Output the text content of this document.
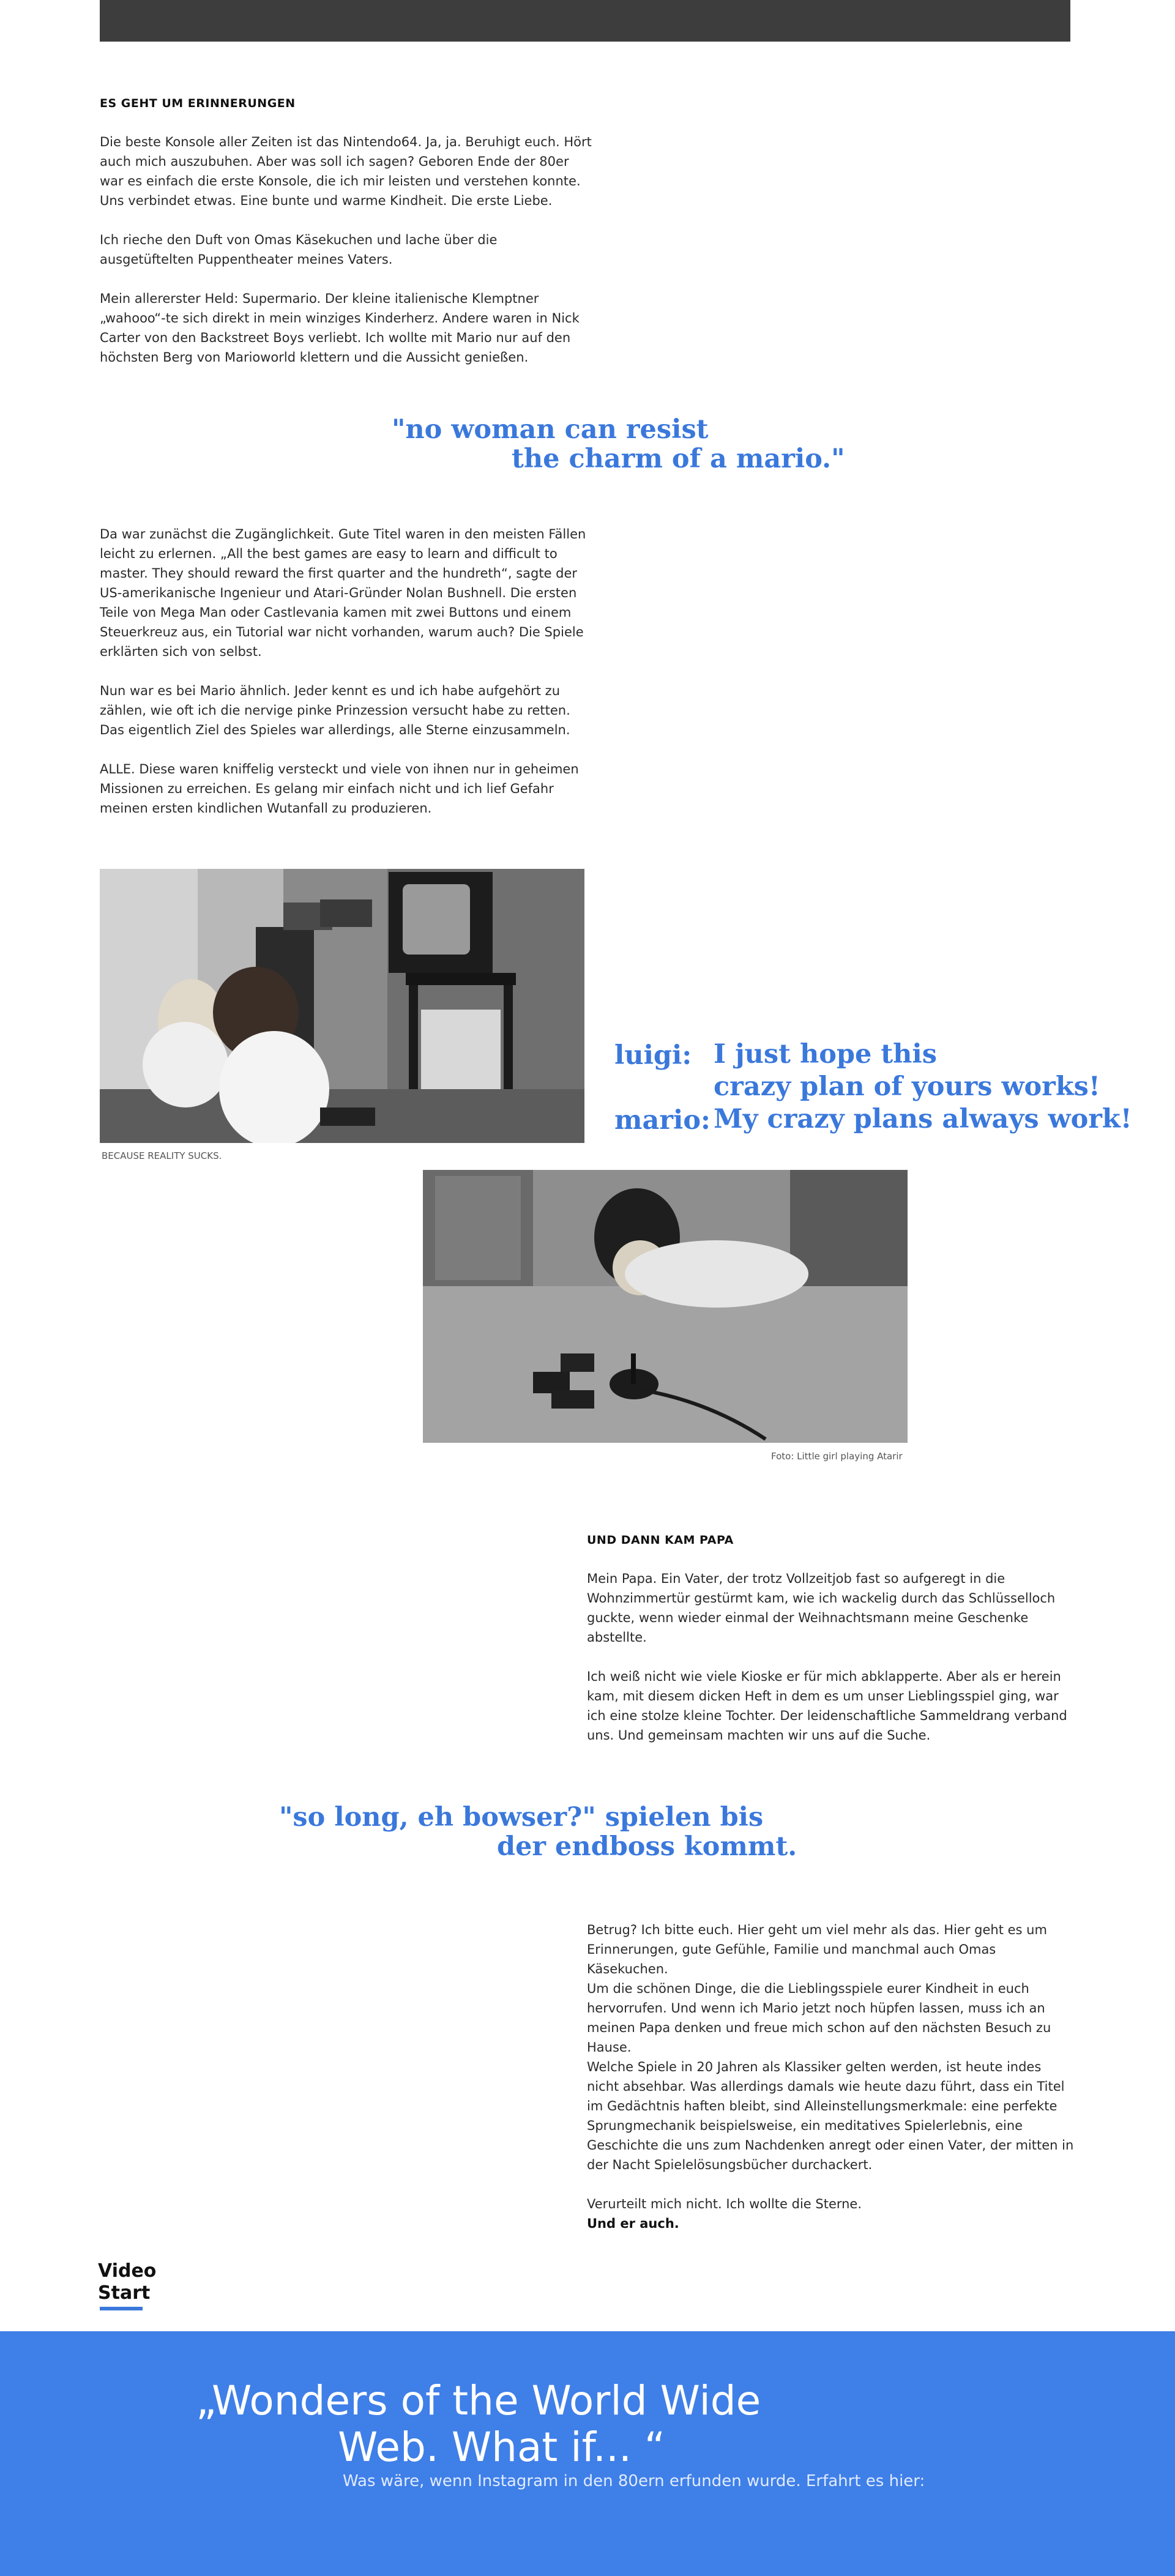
ES GEHT UM ERINNERUNGEN

Die beste Konsole aller Zeiten ist das Nintendo64. Ja, ja. Beruhigt euch. Hört
auch mich auszubuhen. Aber was soll ich sagen? Geboren Ende der 80er
war es einfach die erste Konsole, die ich mir leisten und verstehen konnte.
Uns verbindet etwas. Eine bunte und warme Kindheit. Die erste Liebe.

Ich rieche den Duft von Omas Käsekuchen und lache über die
ausgetüftelten Puppentheater meines Vaters.

Mein allererster Held: Supermario. Der kleine italienische Klemptner
„wahooo“-te sich direkt in mein winziges Kinderherz. Andere waren in Nick
Carter von den Backstreet Boys verliebt. Ich wollte mit Mario nur auf den
höchsten Berg von Marioworld klettern und die Aussicht genießen.

"no woman can resist
the charm of a mario."

Da war zunächst die Zugänglichkeit. Gute Titel waren in den meisten Fällen
leicht zu erlernen. „All the best games are easy to learn and difficult to
master. They should reward the first quarter and the hundreth“, sagte der
US-amerikanische Ingenieur und Atari-Gründer Nolan Bushnell. Die ersten
Teile von Mega Man oder Castlevania kamen mit zwei Buttons und einem
Steuerkreuz aus, ein Tutorial war nicht vorhanden, warum auch? Die Spiele
erklärten sich von selbst.

Nun war es bei Mario ähnlich. Jeder kennt es und ich habe aufgehört zu
zählen, wie oft ich die nervige pinke Prinzession versucht habe zu retten.
Das eigentlich Ziel des Spieles war allerdings, alle Sterne einzusammeln.

ALLE. Diese waren kniffelig versteckt und viele von ihnen nur in geheimen
Missionen zu erreichen. Es gelang mir einfach nicht und ich lief Gefahr
meinen ersten kindlichen Wutanfall zu produzieren.

BECAUSE REALITY SUCKS.
luigi: I just hope this
crazy plan of yours works!
mario: My crazy plans always work!
Foto: Little girl playing Atarir
UND DANN KAM PAPA

Mein Papa. Ein Vater, der trotz Vollzeitjob fast so aufgeregt in die
Wohnzimmertür gestürmt kam, wie ich wackelig durch das Schlüsselloch
guckte, wenn wieder einmal der Weihnachtsmann meine Geschenke
abstellte.

Ich weiß nicht wie viele Kioske er für mich abklapperte. Aber als er herein
kam, mit diesem dicken Heft in dem es um unser Lieblingsspiel ging, war
ich eine stolze kleine Tochter. Der leidenschaftliche Sammeldrang verband
uns. Und gemeinsam machten wir uns auf die Suche.

"so long, eh bowser?" spielen bis
der endboss kommt.

Betrug? Ich bitte euch. Hier geht um viel mehr als das. Hier geht es um
Erinnerungen, gute Gefühle, Familie und manchmal auch Omas Käsekuchen.
Um die schönen Dinge, die die Lieblingsspiele eurer Kindheit in euch
hervorrufen. Und wenn ich Mario jetzt noch hüpfen lassen, muss ich an
meinen Papa denken und freue mich schon auf den nächsten Besuch zu
Hause.

Welche Spiele in 20 Jahren als Klassiker gelten werden, ist heute indes
nicht absehbar. Was allerdings damals wie heute dazu führt, dass ein Titel
im Gedächtnis haften bleibt, sind Alleinstellungsmerkmale: eine perfekte
Sprungmechanik beispielsweise, ein meditatives Spielerlebnis, eine
Geschichte die uns zum Nachdenken anregt oder einen Vater, der mitten in
der Nacht Spielelösungsbücher durchackert.

Verurteilt mich nicht. Ich wollte die Sterne.

Und er auch.

Video
Start
„Wonders of the World Wide
Web. What if... “
Was wäre, wenn Instagram in den 80ern erfunden wurde. Erfahrt es hier:
